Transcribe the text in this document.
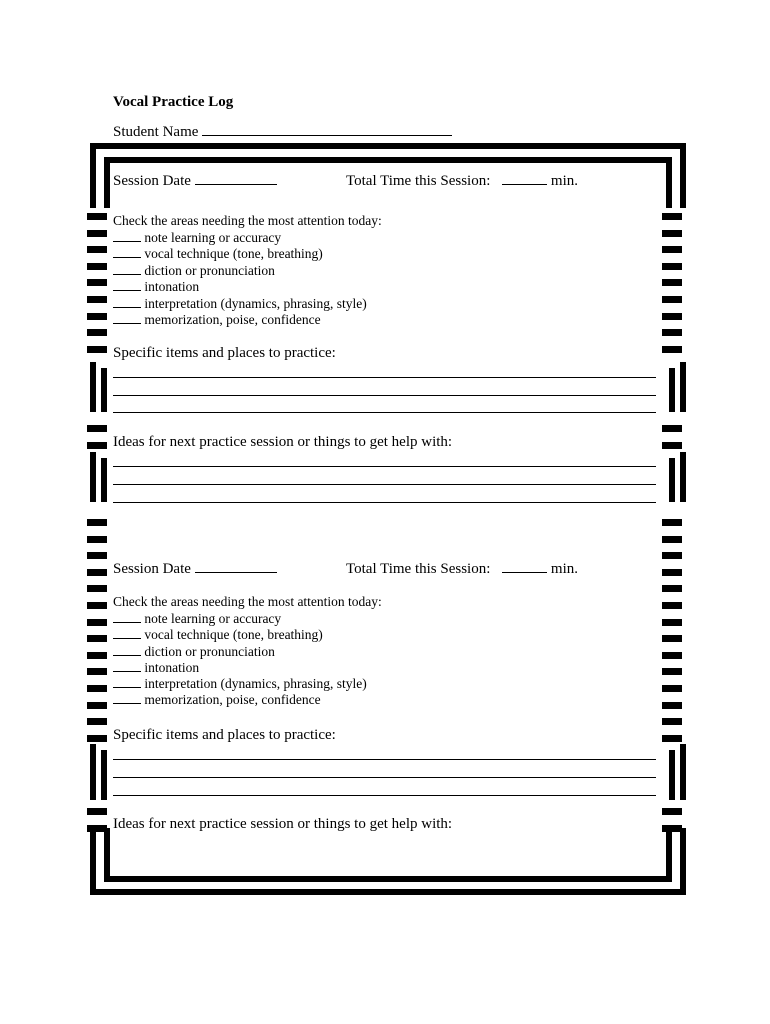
Vocal Practice Log
Student Name
Session Date	Total Time this Session:	min.
Check the areas needing the most attention today:
note learning or accuracy
vocal technique (tone, breathing)
diction or pronunciation
intonation
interpretation (dynamics, phrasing, style)
memorization, poise, confidence
Specific items and places to practice:
Ideas for next practice session or things to get help with:
Session Date	Total Time this Session:	min.
Check the areas needing the most attention today:
note learning or accuracy
vocal technique (tone, breathing)
diction or pronunciation
intonation
interpretation (dynamics, phrasing, style)
memorization, poise, confidence
Specific items and places to practice:
Ideas for next practice session or things to get help with:
